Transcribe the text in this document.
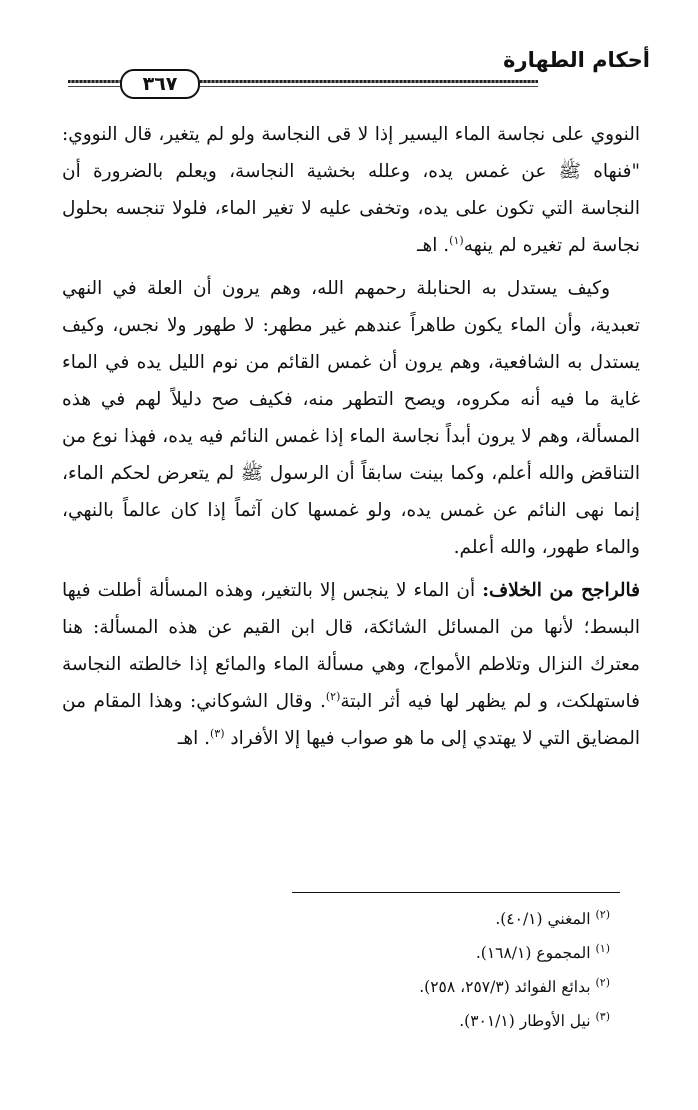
أحكام الطهارة
٣٦٧

النووي على نجاسة الماء اليسير إذا لا قى النجاسة ولو لم يتغير، قال النووي: "فنهاه ﷺ عن غمس يده، وعلله بخشية النجاسة، ويعلم بالضرورة أن النجاسة التي تكون على يده، وتخفى عليه لا تغير الماء، فلولا تنجسه بحلول نجاسة لم تغيره لم ينهه$^{(١)}$. اهـ

وكيف يستدل به الحنابلة رحمهم الله، وهم يرون أن العلة في النهي تعبدية، وأن الماء يكون طاهراً عندهم غير مطهر: لا طهور ولا نجس، وكيف يستدل به الشافعية، وهم يرون أن غمس القائم من نوم الليل يده في الماء غاية ما فيه أنه مكروه، ويصح التطهر منه، فكيف صح دليلاً لهم في هذه المسألة، وهم لا يرون أبداً نجاسة الماء إذا غمس النائم فيه يده، فهذا نوع من التناقض والله أعلم، وكما بينت سابقاً أن الرسول ﷺ لم يتعرض لحكم الماء، إنما نهى النائم عن غمس يده، ولو غمسها كان آثماً إذا كان عالماً بالنهي، والماء طهور، والله أعلم.

فالراجح من الخلاف: أن الماء لا ينجس إلا بالتغير، وهذه المسألة أطلت فيها البسط؛ لأنها من المسائل الشائكة، قال ابن القيم عن هذه المسألة: هنا معترك النزال وتلاطم الأمواج، وهي مسألة الماء والمائع إذا خالطته النجاسة فاستهلكت، و لم يظهر لها فيه أثر البتة$^{(٢)}$. وقال الشوكاني: وهذا المقام من المضايق التي لا يهتدي إلى ما هو صواب فيها إلا الأفراد $^{(٣)}$. اهـ

$^{(٢)}$ المغني (٤٠/١).
$^{(١)}$ المجموع (١٦٨/١).
$^{(٢)}$ بدائع الفوائد (٢٥٧/٣، ٢٥٨).
$^{(٣)}$ نيل الأوطار (٣٠١/١).
